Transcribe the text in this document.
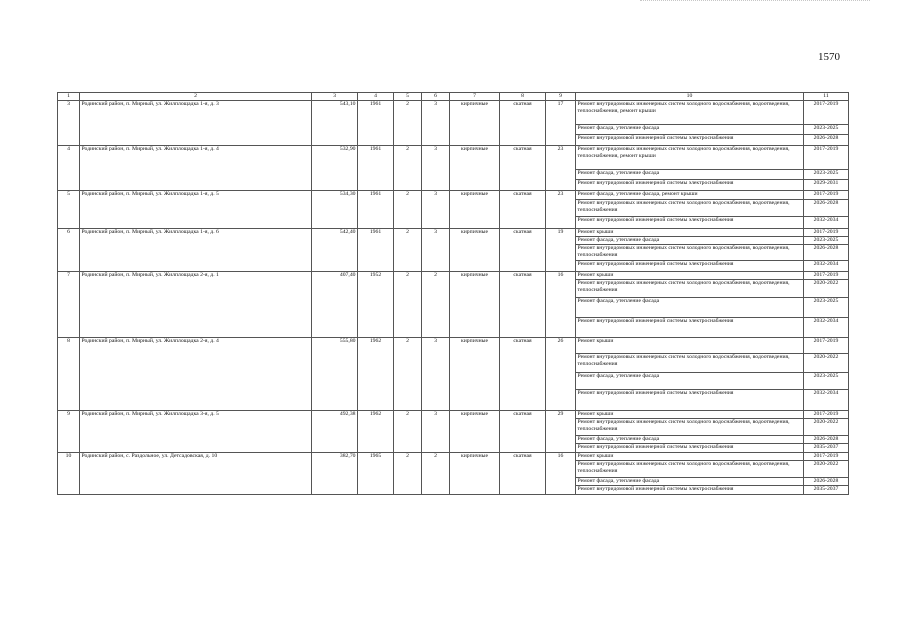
1570
1	2	3	4	5	6	7	8	9	10	11
3	Родинский район, п. Мирный, ул. Жилплощадка 1-я, д. 3	543,10	1961	2	3	кирпичные	скатная	17	Ремонт внутридомовых инженерных систем холодного водоснабжения, водоотведения, теплоснабжения, ремонт крыши	2017-2019
									Ремонт фасада, утепление фасада	2023-2025
									Ремонт внутридомовой инженерной системы электроснабжения	2026-2028
4	Родинский район, п. Мирный, ул. Жилплощадка 1-я, д. 4	532,90	1961	2	3	кирпичные	скатная	23	Ремонт внутридомовых инженерных систем холодного водоснабжения, водоотведения, теплоснабжения, ремонт крыши	2017-2019
									Ремонт фасада, утепление фасада	2023-2025
									Ремонт внутридомовой инженерной системы электроснабжения	2029-2031
5	Родинский район, п. Мирный, ул. Жилплощадка 1-я, д. 5	534,30	1961	2	3	кирпичные	скатная	23	Ремонт фасада, утепление фасада, ремонт крыши	2017-2019
									Ремонт внутридомовых инженерных систем холодного водоснабжения, водоотведения, теплоснабжения	2026-2028
									Ремонт внутридомовой инженерной системы электроснабжения	2032-2034
6	Родинский район, п. Мирный, ул. Жилплощадка 1-я, д. 6	542,40	1961	2	3	кирпичные	скатная	19	Ремонт крыши	2017-2019
									Ремонт фасада, утепление фасада	2023-2025
									Ремонт внутридомовых инженерных систем холодного водоснабжения, водоотведения, теплоснабжения	2026-2028
									Ремонт внутридомовой инженерной системы электроснабжения	2032-2034
7	Родинский район, п. Мирный, ул. Жилплощадка 2-я, д. 1	407,40	1952	2	2	кирпичные	скатная	16	Ремонт крыши	2017-2019
									Ремонт внутридомовых инженерных систем холодного водоснабжения, водоотведения, теплоснабжения	2020-2022
									Ремонт фасада, утепление фасада	2023-2025
									Ремонт внутридомовой инженерной системы электроснабжения	2032-2034
8	Родинский район, п. Мирный, ул. Жилплощадка 2-я, д. 4	555,80	1962	2	3	кирпичные	скатная	26	Ремонт крыши	2017-2019
									Ремонт внутридомовых инженерных систем холодного водоснабжения, водоотведения, теплоснабжения	2020-2022
									Ремонт фасада, утепление фасада	2023-2025
									Ремонт внутридомовой инженерной системы электроснабжения	2032-2034
9	Родинский район, п. Мирный, ул. Жилплощадка 3-я, д. 5	492,38	1962	2	3	кирпичные	скатная	29	Ремонт крыши	2017-2019
									Ремонт внутридомовых инженерных систем холодного водоснабжения, водоотведения, теплоснабжения	2020-2022
									Ремонт фасада, утепление фасада	2026-2028
									Ремонт внутридомовой инженерной системы электроснабжения	2035-2037
10	Родинский район, с. Раздольное, ул. Детсадовская, д. 10	382,70	1965	2	2	кирпичные	скатная	16	Ремонт крыши	2017-2019
									Ремонт внутридомовых инженерных систем холодного водоснабжения, водоотведения, теплоснабжения	2020-2022
									Ремонт фасада, утепление фасада	2026-2028
									Ремонт внутридомовой инженерной системы электроснабжения	2035-2037
